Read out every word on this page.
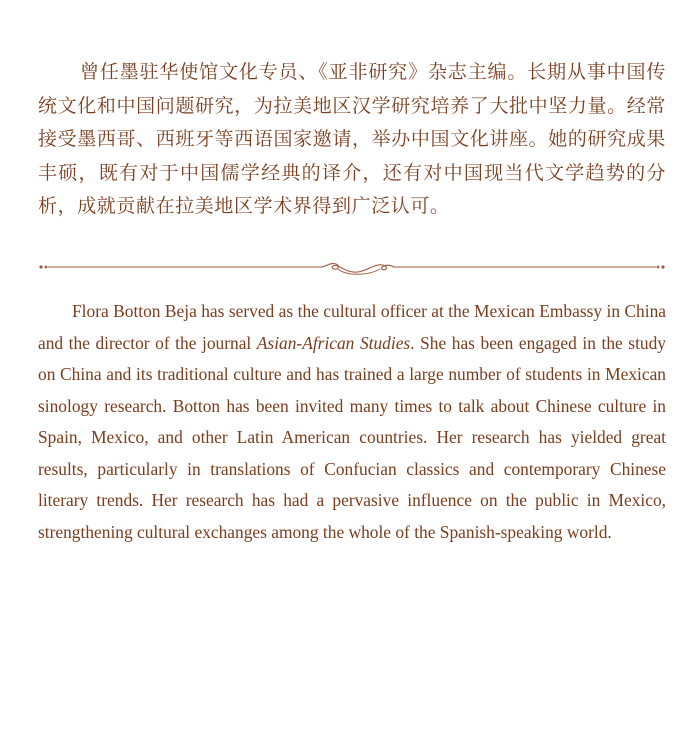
曾任墨驻华使馆文化专员、《亚非研究》杂志主编。长期从事中国传统文化和中国问题研究，为拉美地区汉学研究培养了大批中坚力量。经常接受墨西哥、西班牙等西语国家邀请，举办中国文化讲座。她的研究成果丰硕，既有对于中国儒学经典的译介，还有对中国现当代文学趋势的分析，成就贡献在拉美地区学术界得到广泛认可。

Flora Botton Beja has served as the cultural officer at the Mexican Embassy in China and the director of the journal Asian-African Studies. She has been engaged in the study on China and its traditional culture and has trained a large number of students in Mexican sinology research. Botton has been invited many times to talk about Chinese culture in Spain, Mexico, and other Latin American countries. Her research has yielded great results, particularly in translations of Confucian classics and contemporary Chinese literary trends. Her research has had a pervasive influence on the public in Mexico, strengthening cultural exchanges among the whole of the Spanish-speaking world.
